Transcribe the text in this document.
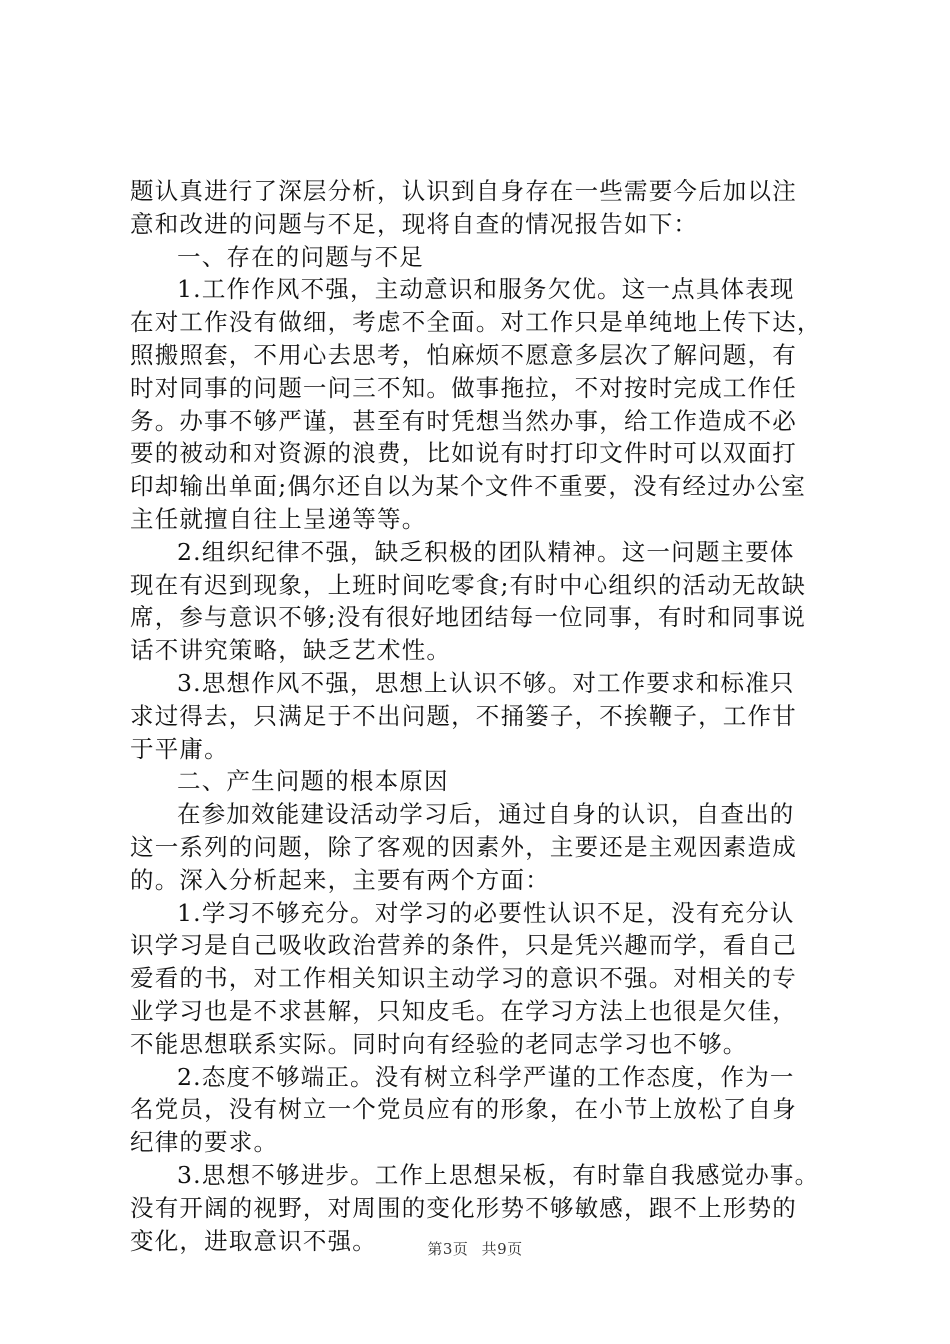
题认真进行了深层分析，认识到自身存在一些需要今后加以注
意和改进的问题与不足，现将自查的情况报告如下：
一、存在的问题与不足
1.工作作风不强，主动意识和服务欠优。这一点具体表现
在对工作没有做细，考虑不全面。对工作只是单纯地上传下达，
照搬照套，不用心去思考，怕麻烦不愿意多层次了解问题，有
时对同事的问题一问三不知。做事拖拉，不对按时完成工作任
务。办事不够严谨，甚至有时凭想当然办事，给工作造成不必
要的被动和对资源的浪费，比如说有时打印文件时可以双面打
印却输出单面;偶尔还自以为某个文件不重要，没有经过办公室
主任就擅自往上呈递等等。
2.组织纪律不强，缺乏积极的团队精神。这一问题主要体
现在有迟到现象，上班时间吃零食;有时中心组织的活动无故缺
席，参与意识不够;没有很好地团结每一位同事，有时和同事说
话不讲究策略，缺乏艺术性。
3.思想作风不强，思想上认识不够。对工作要求和标准只
求过得去，只满足于不出问题，不捅篓子，不挨鞭子，工作甘
于平庸。
二、产生问题的根本原因
在参加效能建设活动学习后，通过自身的认识，自查出的
这一系列的问题，除了客观的因素外，主要还是主观因素造成
的。深入分析起来，主要有两个方面：
1.学习不够充分。对学习的必要性认识不足，没有充分认
识学习是自己吸收政治营养的条件，只是凭兴趣而学，看自己
爱看的书，对工作相关知识主动学习的意识不强。对相关的专
业学习也是不求甚解，只知皮毛。在学习方法上也很是欠佳，
不能思想联系实际。同时向有经验的老同志学习也不够。
2.态度不够端正。没有树立科学严谨的工作态度，作为一
名党员，没有树立一个党员应有的形象，在小节上放松了自身
纪律的要求。
3.思想不够进步。工作上思想呆板，有时靠自我感觉办事。
没有开阔的视野，对周围的变化形势不够敏感，跟不上形势的
变化，进取意识不强。	第3页 共9页
